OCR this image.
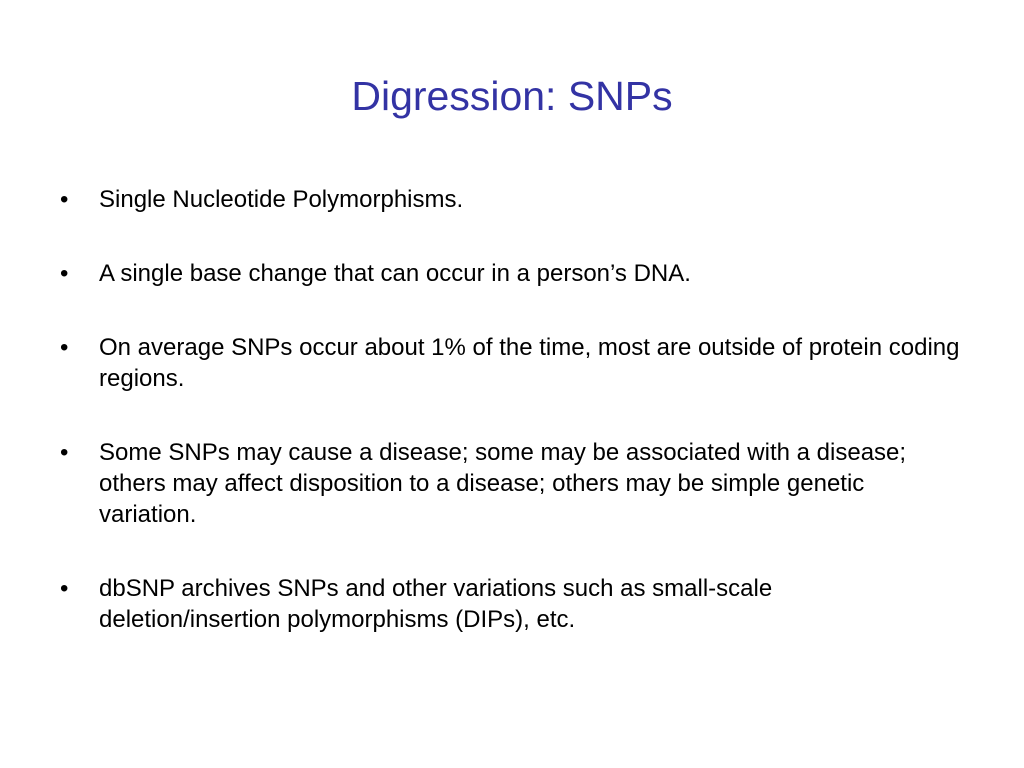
Digression: SNPs
•	Single Nucleotide Polymorphisms.
•	A single base change that can occur in a person’s DNA.
•	On average SNPs occur about 1% of the time, most are outside of protein coding regions.
•	Some SNPs may cause a disease; some may be associated with a disease; others may affect disposition to a disease; others may be simple genetic variation.
•	dbSNP archives SNPs and other variations such as small-scale deletion/insertion polymorphisms (DIPs), etc.
